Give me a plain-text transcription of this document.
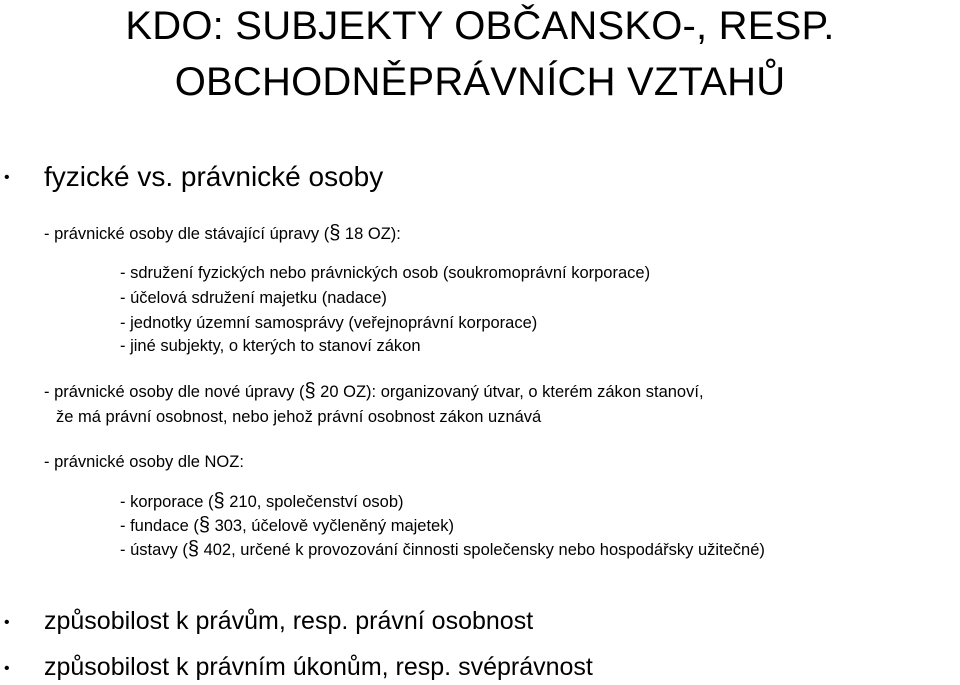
KDO: SUBJEKTY OBČANSKO-, RESP.
OBCHODNĚPRÁVNÍCH VZTAHŮ
• fyzické vs. právnické osoby
- právnické osoby dle stávající úpravy (§ 18 OZ):
- sdružení fyzických nebo právnických osob (soukromoprávní korporace)
- účelová sdružení majetku (nadace)
- jednotky územní samosprávy (veřejnoprávní korporace)
- jiné subjekty, o kterých to stanoví zákon
- právnické osoby dle nové úpravy (§ 20 OZ): organizovaný útvar, o kterém zákon stanoví,
že má právní osobnost, nebo jehož právní osobnost zákon uznává
- právnické osoby dle NOZ:
- korporace (§ 210, společenství osob)
- fundace (§ 303, účelově vyčleněný majetek)
- ústavy (§ 402, určené k provozování činnosti společensky nebo hospodářsky užitečné)
• způsobilost k právům, resp. právní osobnost
• způsobilost k právním úkonům, resp. svéprávnost
